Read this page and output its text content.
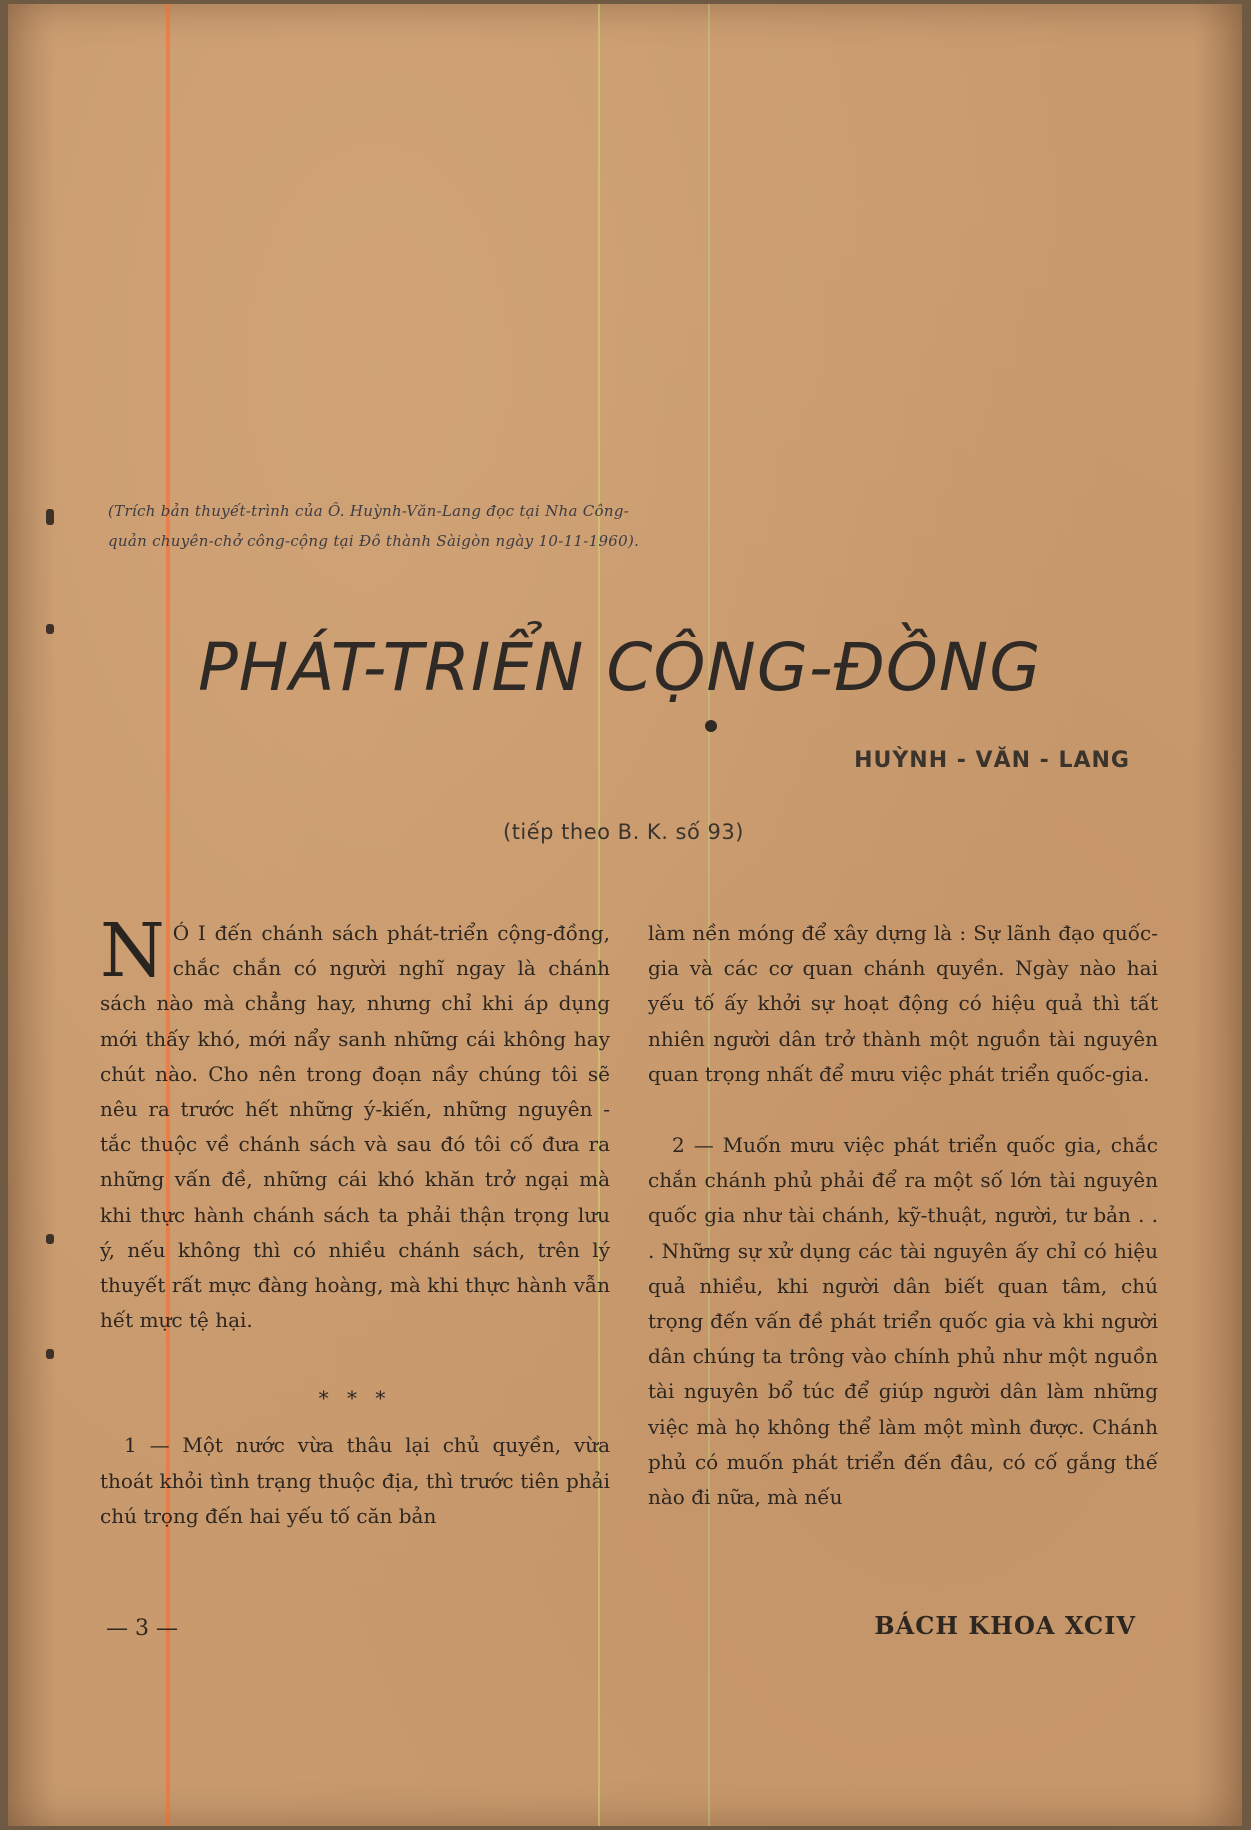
(Trích bản thuyết-trình của Ô. Huỳnh-Văn-Lang đọc tại Nha Công-
quản chuyên-chở công-cộng tại Đô thành Sàigòn ngày 10-11-1960).
PHÁT-TRIỂN CỘNG-ĐỒNG
HUỲNH - VĂN - LANG
(tiếp theo B. K. số 93)

N Ó I đến chánh sách phát-triển cộng-đồng, chắc chắn có người nghĩ ngay là chánh sách nào mà chẳng hay, nhưng chỉ khi áp dụng mới thấy khó, mới nẩy sanh những cái không hay chút nào. Cho nên trong đoạn nầy chúng tôi sẽ nêu ra trước hết những ý-kiến, những nguyên - tắc thuộc về chánh sách và sau đó tôi cố đưa ra những vấn đề, những cái khó khăn trở ngại mà khi thực hành chánh sách ta phải thận trọng lưu ý, nếu không thì có nhiều chánh sách, trên lý thuyết rất mực đàng hoàng, mà khi thực hành vẫn hết mực tệ hại.

* * *

1 — Một nước vừa thâu lại chủ quyền, vừa thoát khỏi tình trạng thuộc địa, thì trước tiên phải chú trọng đến hai yếu tố căn bản

làm nền móng để xây dựng là : Sự lãnh đạo quốc-gia và các cơ quan chánh quyền. Ngày nào hai yếu tố ấy khởi sự hoạt động có hiệu quả thì tất nhiên người dân trở thành một nguồn tài nguyên quan trọng nhất để mưu việc phát triển quốc-gia.

2 — Muốn mưu việc phát triển quốc gia, chắc chắn chánh phủ phải để ra một số lớn tài nguyên quốc gia như tài chánh, kỹ-thuật, người, tư bản . . . Những sự xử dụng các tài nguyên ấy chỉ có hiệu quả nhiều, khi người dân biết quan tâm, chú trọng đến vấn đề phát triển quốc gia và khi người dân chúng ta trông vào chính phủ như một nguồn tài nguyên bổ túc để giúp người dân làm những việc mà họ không thể làm một mình được. Chánh phủ có muốn phát triển đến đâu, có cố gắng thế nào đi nữa, mà nếu

— 3 —	BÁCH KHOA XCIV
